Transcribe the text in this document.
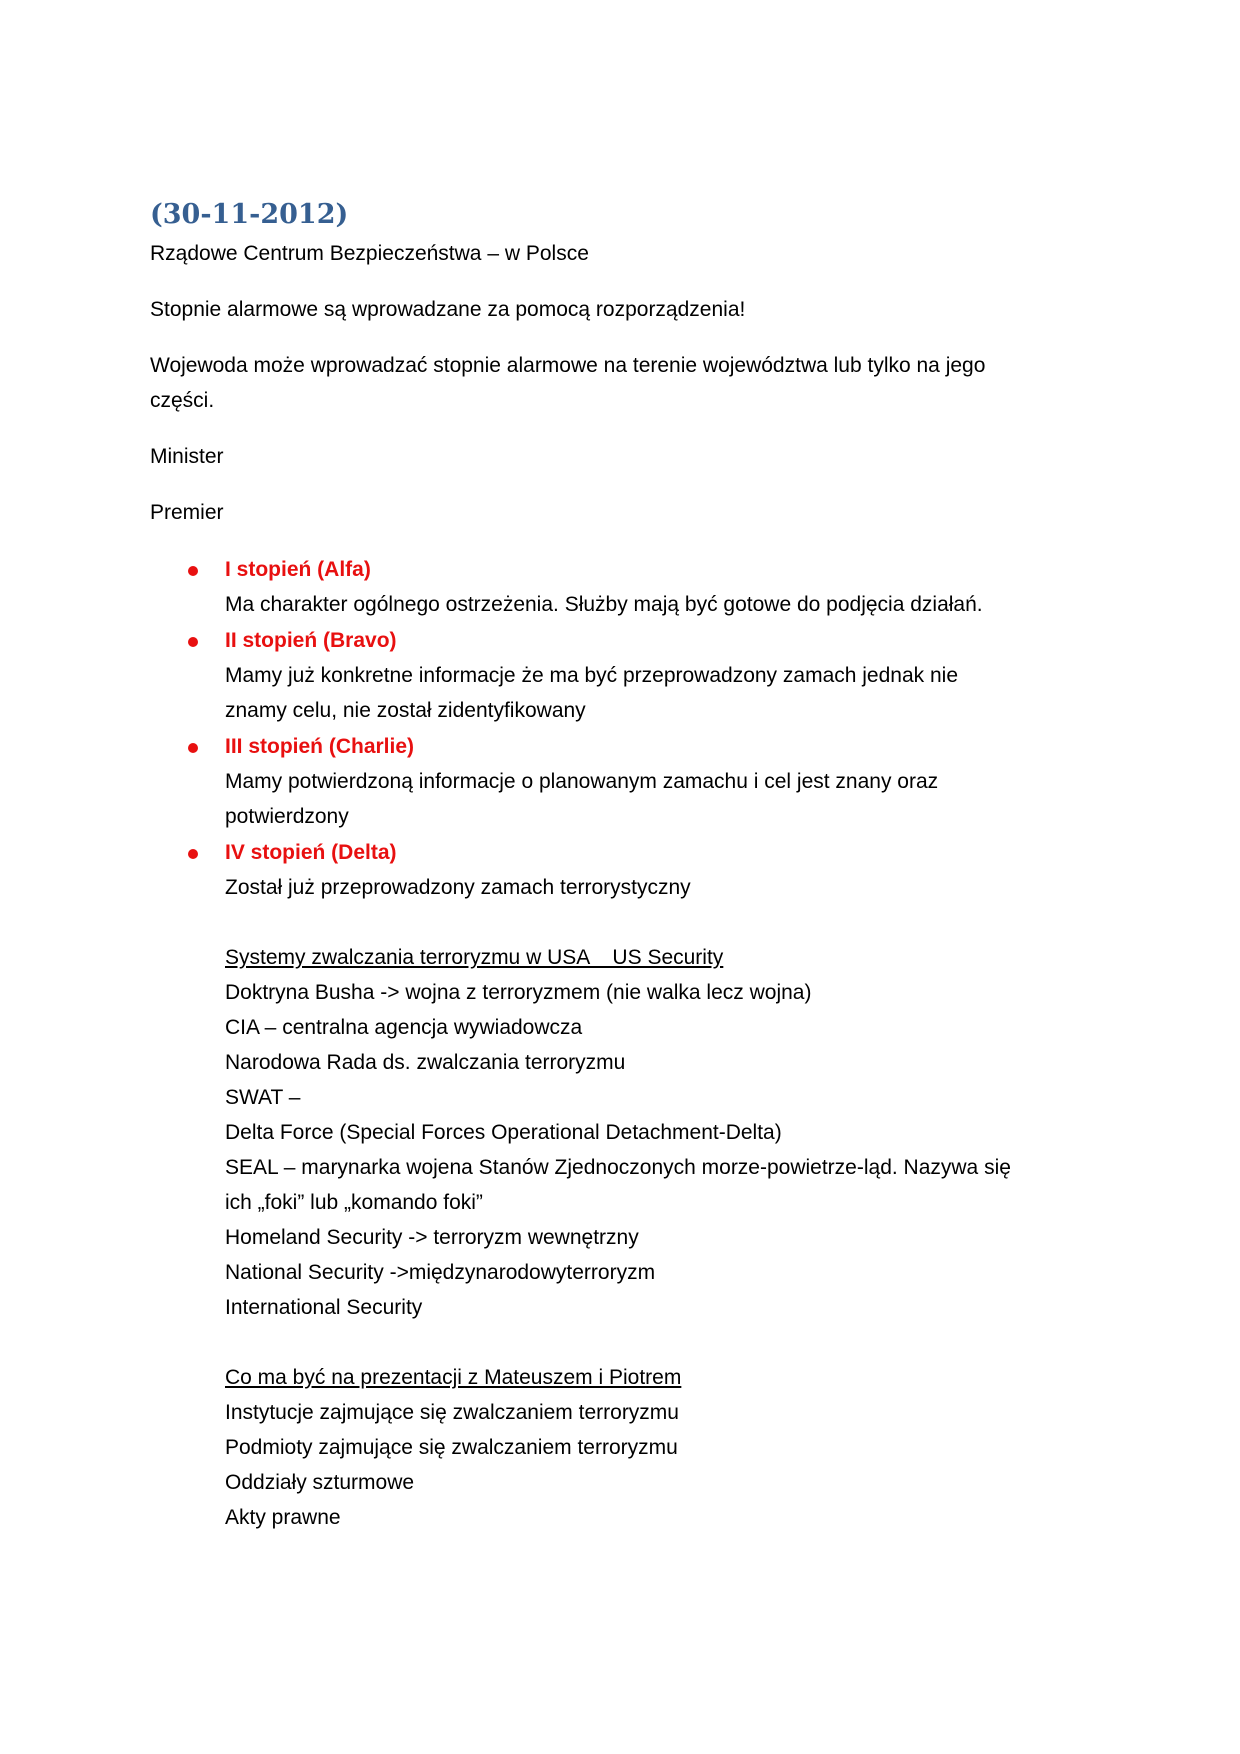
(30-11-2012)
Rządowe Centrum Bezpieczeństwa – w Polsce
Stopnie alarmowe są wprowadzane za pomocą rozporządzenia!
Wojewoda może wprowadzać stopnie alarmowe na terenie województwa lub tylko na jego
części.
Minister
Premier
I stopień (Alfa)
Ma charakter ogólnego ostrzeżenia. Służby mają być gotowe do podjęcia działań.
II stopień (Bravo)
Mamy już konkretne informacje że ma być przeprowadzony zamach jednak nie
znamy celu, nie został zidentyfikowany
III stopień (Charlie)
Mamy potwierdzoną informacje o planowanym zamachu i cel jest znany oraz
potwierdzony
IV stopień (Delta)
Został już przeprowadzony zamach terrorystyczny
Systemy zwalczania terroryzmu w USA    US Security
Doktryna Busha -> wojna z terroryzmem (nie walka lecz wojna)
CIA – centralna agencja wywiadowcza
Narodowa Rada ds. zwalczania terroryzmu
SWAT –
Delta Force (Special Forces Operational Detachment-Delta)
SEAL – marynarka wojena Stanów Zjednoczonych morze-powietrze-ląd. Nazywa się
ich „foki” lub „komando foki”
Homeland Security -> terroryzm wewnętrzny
National Security ->międzynarodowyterroryzm
International Security
Co ma być na prezentacji z Mateuszem i Piotrem
Instytucje zajmujące się zwalczaniem terroryzmu
Podmioty zajmujące się zwalczaniem terroryzmu
Oddziały szturmowe
Akty prawne
